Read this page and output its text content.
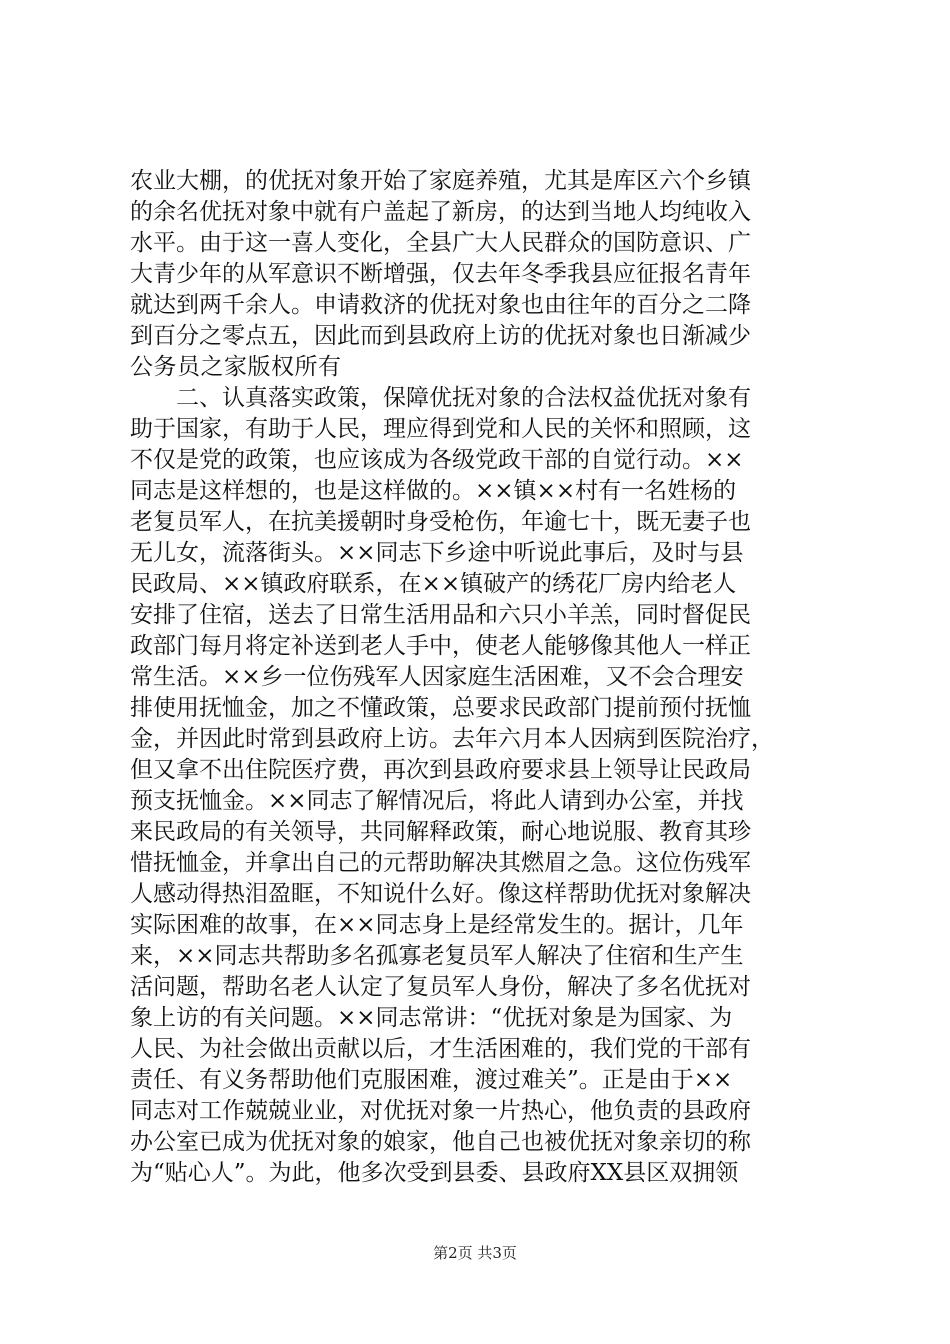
农业大棚，的优抚对象开始了家庭养殖，尤其是库区六个乡镇
的余名优抚对象中就有户盖起了新房，的达到当地人均纯收入
水平。由于这一喜人变化，全县广大人民群众的国防意识、广
大青少年的从军意识不断增强，仅去年冬季我县应征报名青年
就达到两千余人。申请救济的优抚对象也由往年的百分之二降
到百分之零点五，因此而到县政府上访的优抚对象也日渐减少
公务员之家版权所有
　　二、认真落实政策，保障优抚对象的合法权益优抚对象有
助于国家，有助于人民，理应得到党和人民的关怀和照顾，这
不仅是党的政策，也应该成为各级党政干部的自觉行动。××
同志是这样想的，也是这样做的。××镇××村有一名姓杨的
老复员军人，在抗美援朝时身受枪伤，年逾七十，既无妻子也
无儿女，流落街头。××同志下乡途中听说此事后，及时与县
民政局、××镇政府联系，在××镇破产的绣花厂房内给老人
安排了住宿，送去了日常生活用品和六只小羊羔，同时督促民
政部门每月将定补送到老人手中，使老人能够像其他人一样正
常生活。××乡一位伤残军人因家庭生活困难，又不会合理安
排使用抚恤金，加之不懂政策，总要求民政部门提前预付抚恤
金，并因此时常到县政府上访。去年六月本人因病到医院治疗，
但又拿不出住院医疗费，再次到县政府要求县上领导让民政局
预支抚恤金。××同志了解情况后，将此人请到办公室，并找
来民政局的有关领导，共同解释政策，耐心地说服、教育其珍
惜抚恤金，并拿出自己的元帮助解决其燃眉之急。这位伤残军
人感动得热泪盈眶，不知说什么好。像这样帮助优抚对象解决
实际困难的故事，在××同志身上是经常发生的。据计，几年
来，××同志共帮助多名孤寡老复员军人解决了住宿和生产生
活问题，帮助名老人认定了复员军人身份，解决了多名优抚对
象上访的有关问题。××同志常讲：“优抚对象是为国家、为
人民、为社会做出贡献以后，才生活困难的，我们党的干部有
责任、有义务帮助他们克服困难，渡过难关”。正是由于××
同志对工作兢兢业业，对优抚对象一片热心，他负责的县政府
办公室已成为优抚对象的娘家，他自己也被优抚对象亲切的称
为“贴心人”。为此，他多次受到县委、县政府XX县区双拥领
第2页 共3页
